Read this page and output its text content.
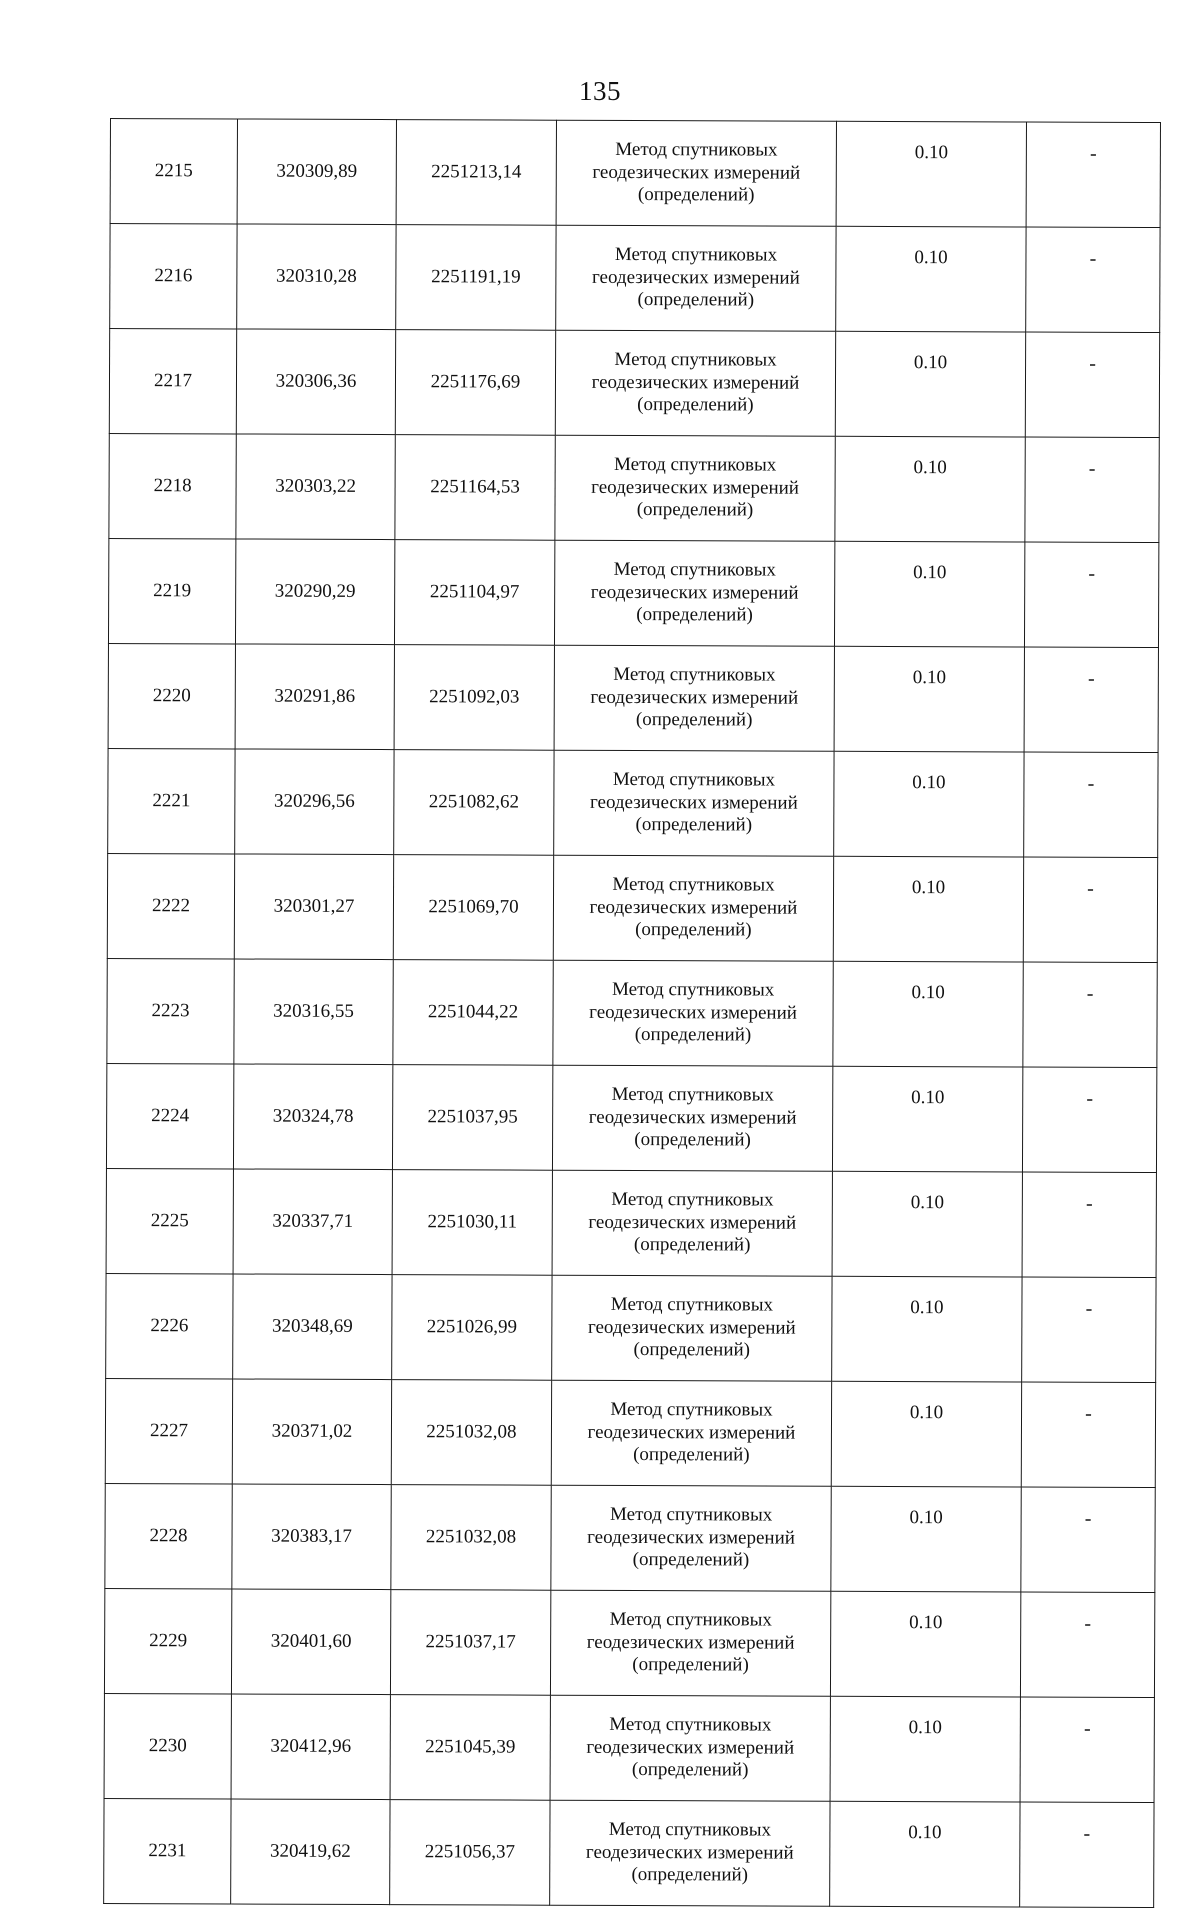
135
2215	320309,89	2251213,14	Метод спутниковых
геодезических измерений
(определений)	0.10	-
2216	320310,28	2251191,19	Метод спутниковых
геодезических измерений
(определений)	0.10	-
2217	320306,36	2251176,69	Метод спутниковых
геодезических измерений
(определений)	0.10	-
2218	320303,22	2251164,53	Метод спутниковых
геодезических измерений
(определений)	0.10	-
2219	320290,29	2251104,97	Метод спутниковых
геодезических измерений
(определений)	0.10	-
2220	320291,86	2251092,03	Метод спутниковых
геодезических измерений
(определений)	0.10	-
2221	320296,56	2251082,62	Метод спутниковых
геодезических измерений
(определений)	0.10	-
2222	320301,27	2251069,70	Метод спутниковых
геодезических измерений
(определений)	0.10	-
2223	320316,55	2251044,22	Метод спутниковых
геодезических измерений
(определений)	0.10	-
2224	320324,78	2251037,95	Метод спутниковых
геодезических измерений
(определений)	0.10	-
2225	320337,71	2251030,11	Метод спутниковых
геодезических измерений
(определений)	0.10	-
2226	320348,69	2251026,99	Метод спутниковых
геодезических измерений
(определений)	0.10	-
2227	320371,02	2251032,08	Метод спутниковых
геодезических измерений
(определений)	0.10	-
2228	320383,17	2251032,08	Метод спутниковых
геодезических измерений
(определений)	0.10	-
2229	320401,60	2251037,17	Метод спутниковых
геодезических измерений
(определений)	0.10	-
2230	320412,96	2251045,39	Метод спутниковых
геодезических измерений
(определений)	0.10	-
2231	320419,62	2251056,37	Метод спутниковых
геодезических измерений
(определений)	0.10	-
